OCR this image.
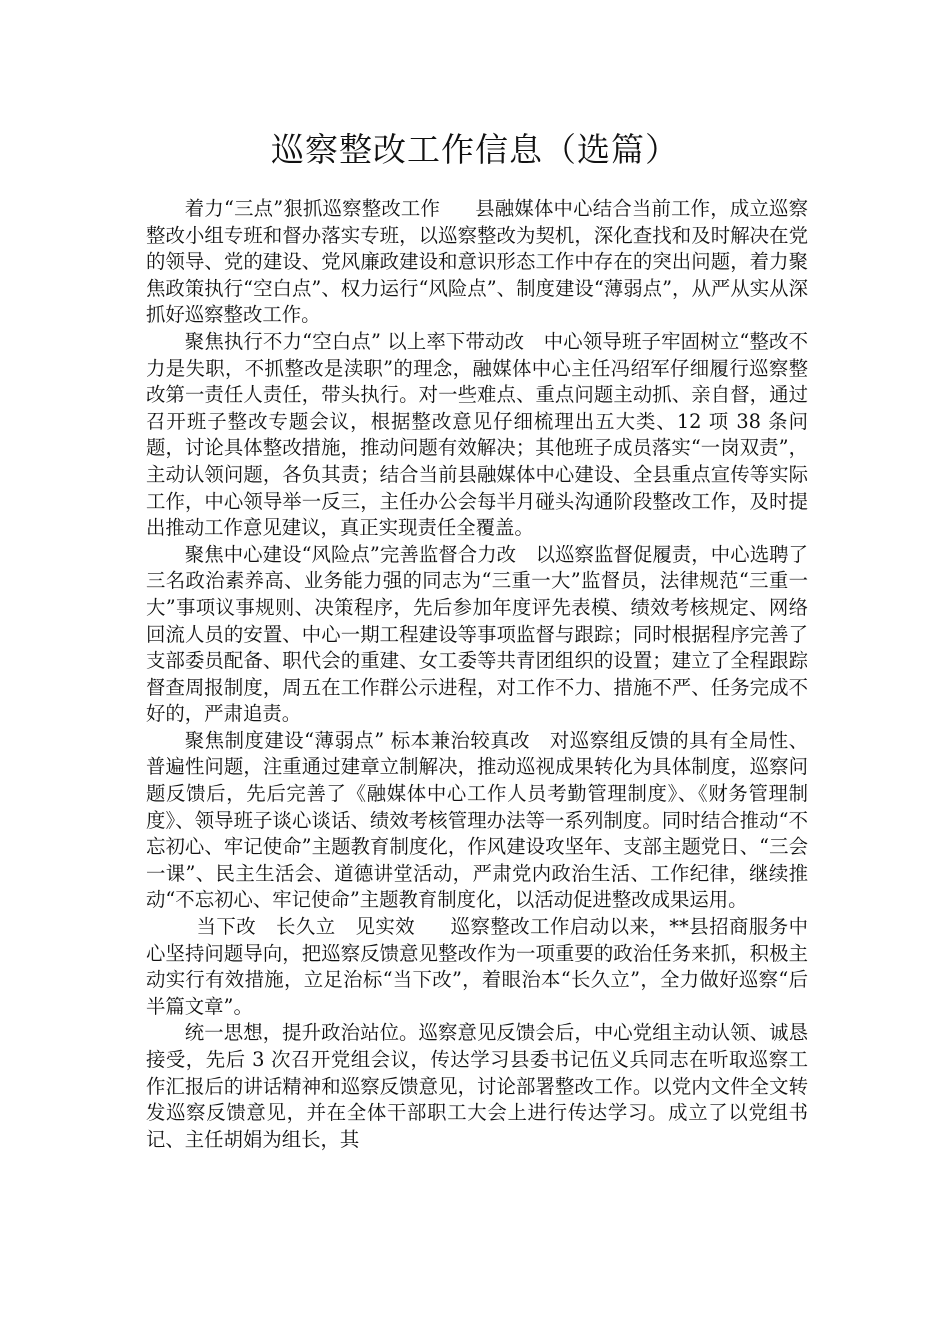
巡察整改工作信息（选篇）

着力“三点”狠抓巡察整改工作 县融媒体中心结合当前工作，成立巡察整改小组专班和督办落实专班，以巡察整改为契机，深化查找和及时解决在党的领导、党的建设、党风廉政建设和意识形态工作中存在的突出问题，着力聚焦政策执行“空白点”、权力运行“风险点”、制度建设“薄弱点”，从严从实从深抓好巡察整改工作。

聚焦执行不力“空白点” 以上率下带动改 中心领导班子牢固树立“整改不力是失职，不抓整改是渎职”的理念，融媒体中心主任冯绍军仔细履行巡察整改第一责任人责任，带头执行。对一些难点、重点问题主动抓、亲自督，通过召开班子整改专题会议，根据整改意见仔细梳理出五大类、12 项 38 条问题，讨论具体整改措施，推动问题有效解决；其他班子成员落实“一岗双责”，主动认领问题，各负其责；结合当前县融媒体中心建设、全县重点宣传等实际工作，中心领导举一反三，主任办公会每半月碰头沟通阶段整改工作，及时提出推动工作意见建议，真正实现责任全覆盖。

聚焦中心建设“风险点”完善监督合力改 以巡察监督促履责，中心选聘了三名政治素养高、业务能力强的同志为“三重一大”监督员，法律规范“三重一大”事项议事规则、决策程序，先后参加年度评先表模、绩效考核规定、网络回流人员的安置、中心一期工程建设等事项监督与跟踪；同时根据程序完善了支部委员配备、职代会的重建、女工委等共青团组织的设置；建立了全程跟踪督查周报制度，周五在工作群公示进程，对工作不力、措施不严、任务完成不好的，严肃追责。

聚焦制度建设“薄弱点” 标本兼治较真改 对巡察组反馈的具有全局性、普遍性问题，注重通过建章立制解决，推动巡视成果转化为具体制度，巡察问题反馈后，先后完善了《融媒体中心工作人员考勤管理制度》、《财务管理制度》、领导班子谈心谈话、绩效考核管理办法等一系列制度。同时结合推动“不忘初心、牢记使命”主题教育制度化，作风建设攻坚年、支部主题党日、“三会一课”、民主生活会、道德讲堂活动，严肃党内政治生活、工作纪律，继续推动“不忘初心、牢记使命”主题教育制度化，以活动促进整改成果运用。

当下改　长久立　见实效 巡察整改工作启动以来，**县招商服务中心坚持问题导向，把巡察反馈意见整改作为一项重要的政治任务来抓，积极主动实行有效措施，立足治标“当下改”，着眼治本“长久立”，全力做好巡察“后半篇文章”。

统一思想，提升政治站位。巡察意见反馈会后，中心党组主动认领、诚恳接受，先后 3 次召开党组会议，传达学习县委书记伍义兵同志在听取巡察工作汇报后的讲话精神和巡察反馈意见，讨论部署整改工作。以党内文件全文转发巡察反馈意见，并在全体干部职工大会上进行传达学习。成立了以党组书记、主任胡娟为组长，其
